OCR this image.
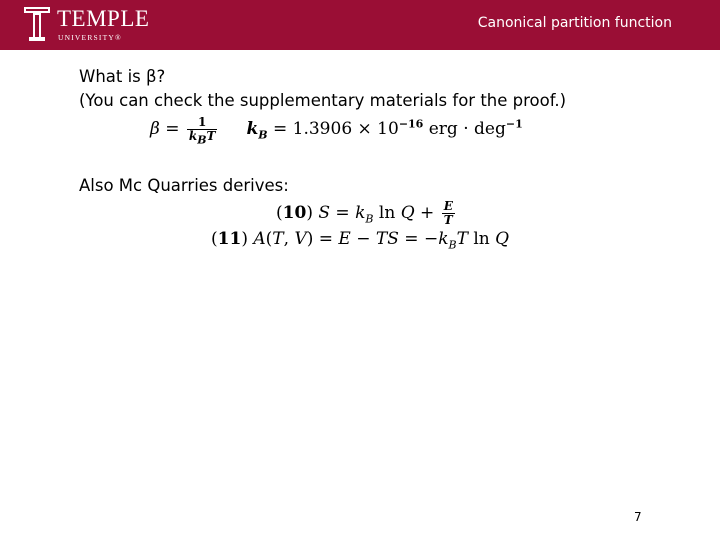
TEMPLE
UNIVERSITY®
Canonical partition function
What is β?
(You can check the supplementary materials for the proof.)
$\beta = \frac{1}{k_BT} k_B = 1.3906 \times 10^{-16}$ erg · deg$^{-1}$
Also Mc Quarries derives:
(10) $S = k_B$ $\ln Q + \frac{E}{T}$
(11) A(T, V) = E − TS = $-k_BT$ ln Q
7
